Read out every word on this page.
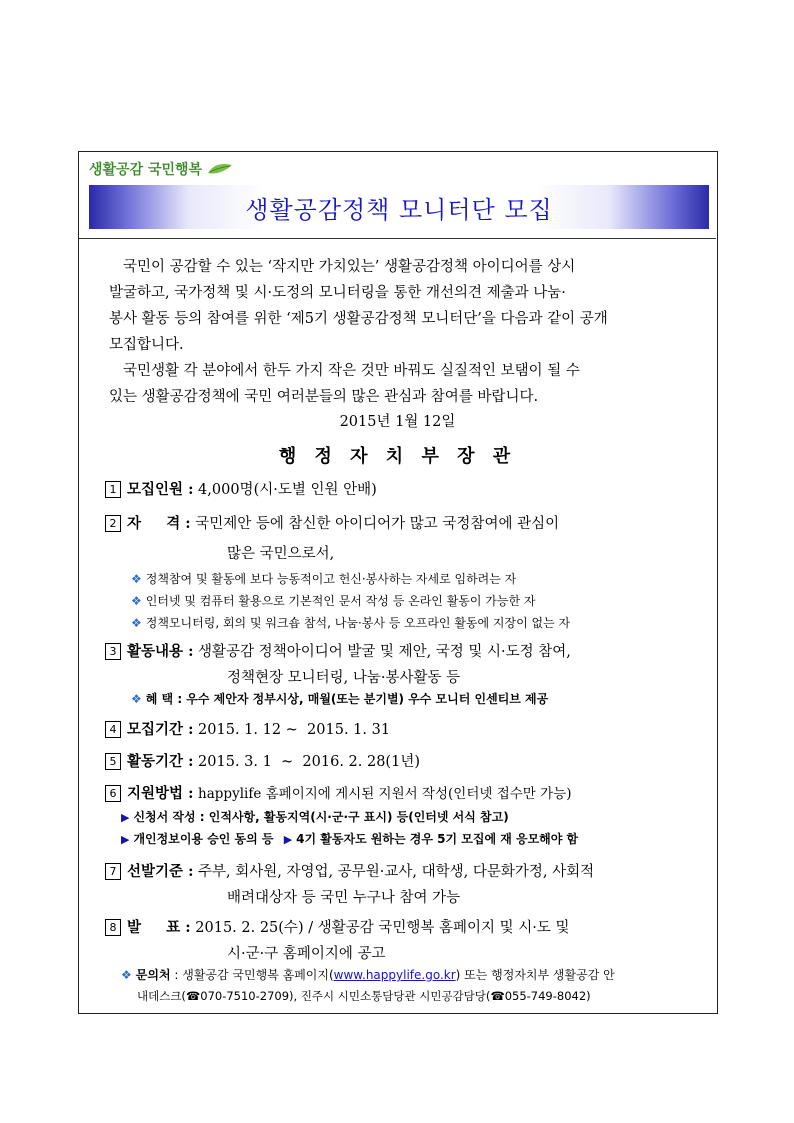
생활공감 국민행복
생활공감정책 모니터단 모집
국민이 공감할 수 있는 ‘작지만 가치있는’ 생활공감정책 아이디어를 상시
발굴하고, 국가정책 및 시·도정의 모니터링을 통한 개선의견 제출과 나눔·
봉사 활동 등의 참여를 위한 ‘제5기 생활공감정책 모니터단’을 다음과 같이 공개
모집합니다.
국민생활 각 분야에서 한두 가지 작은 것만 바꿔도 실질적인 보탬이 될 수
있는 생활공감정책에 국민 여러분들의 많은 관심과 참여를 바랍니다.
2015년 1월 12일
행 정 자 치 부 장 관
1 모집인원 : 4,000명(시·도별 인원 안배)
2 자     격 : 국민제안 등에 참신한 아이디어가 많고 국정참여에 관심이
많은 국민으로서,
❖ 정책참여 및 활동에 보다 능동적이고 헌신·봉사하는 자세로 임하려는 자
❖ 인터넷 및 컴퓨터 활용으로 기본적인 문서 작성 등 온라인 활동이 가능한 자
❖ 정책모니터링, 회의 및 워크숍 참석, 나눔·봉사 등 오프라인 활동에 지장이 없는 자
3 활동내용 : 생활공감 정책아이디어 발굴 및 제안, 국정 및 시·도정 참여,
정책현장 모니터링, 나눔·봉사활동 등
❖ 혜 택 : 우수 제안자 정부시상, 매월(또는 분기별) 우수 모니터 인센티브 제공
4 모집기간 : 2015. 1. 12 ~  2015. 1. 31
5 활동기간 : 2015. 3. 1  ~  2016. 2. 28(1년)
6 지원방법 : happylife 홈페이지에 게시된 지원서 작성(인터넷 접수만 가능)
▶ 신청서 작성 : 인적사항, 활동지역(시·군·구 표시) 등(인터넷 서식 참고)
▶ 개인정보이용 승인 동의 등 ▶ 4기 활동자도 원하는 경우 5기 모집에 재 응모해야 함
7 선발기준 : 주부, 회사원, 자영업, 공무원·교사, 대학생, 다문화가정, 사회적
배려대상자 등 국민 누구나 참여 가능
8 발     표 : 2015. 2. 25(수) / 생활공감 국민행복 홈페이지 및 시·도 및
시·군·구 홈페이지에 공고
❖ 문의처 : 생활공감 국민행복 홈페이지(www.happylife.go.kr) 또는 행정자치부 생활공감 안
내데스크(☎070-7510-2709), 진주시 시민소통담당관 시민공감담당(☎055-749-8042)
